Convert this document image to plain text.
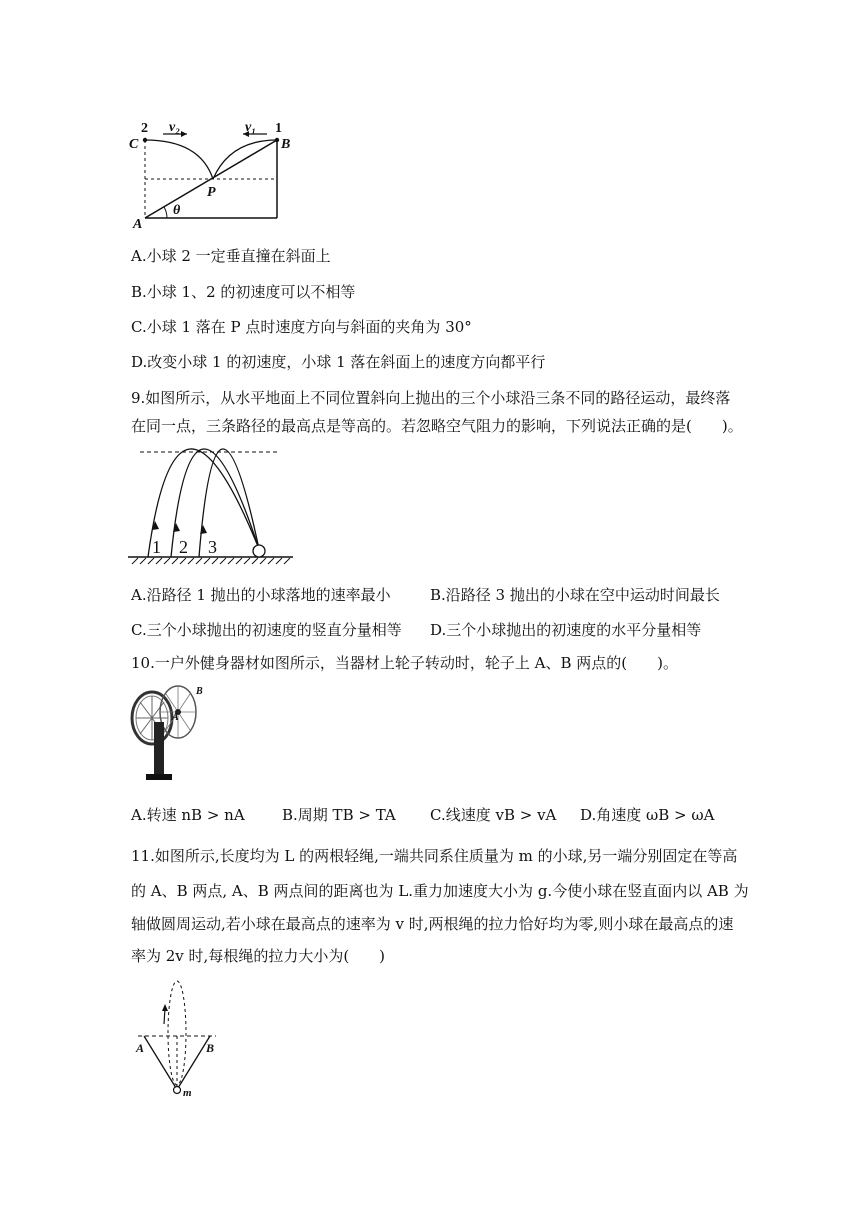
2	1
v₂	v₁
C	B
P
A
θ
A.小球 2 一定垂直撞在斜面上
B.小球 1、2 的初速度可以不相等
C.小球 1 落在 P 点时速度方向与斜面的夹角为 30°
D.改变小球 1 的初速度，小球 1 落在斜面上的速度方向都平行
9.如图所示，从水平地面上不同位置斜向上抛出的三个小球沿三条不同的路径运动，最终落
在同一点，三条路径的最高点是等高的。若忽略空气阻力的影响，下列说法正确的是(　　)。
1 2 3
A.沿路径 1 抛出的小球落地的速率最小	B.沿路径 3 抛出的小球在空中运动时间最长
C.三个小球抛出的初速度的竖直分量相等 D.三个小球抛出的初速度的水平分量相等
10.一户外健身器材如图所示，当器材上轮子转动时，轮子上 A、B 两点的(　　)。
B
A
A.转速 nB > nA B.周期 TB > TA C.线速度 vB > vA D.角速度 ωB > ωA
11.如图所示,长度均为 L 的两根轻绳,一端共同系住质量为 m 的小球,另一端分别固定在等高
的 A、B 两点, A、B 两点间的距离也为 L.重力加速度大小为 g.今使小球在竖直面内以 AB 为
轴做圆周运动,若小球在最高点的速率为 v 时,两根绳的拉力恰好均为零,则小球在最高点的速
率为 2v 时,每根绳的拉力大小为(　　)
A	B
m
